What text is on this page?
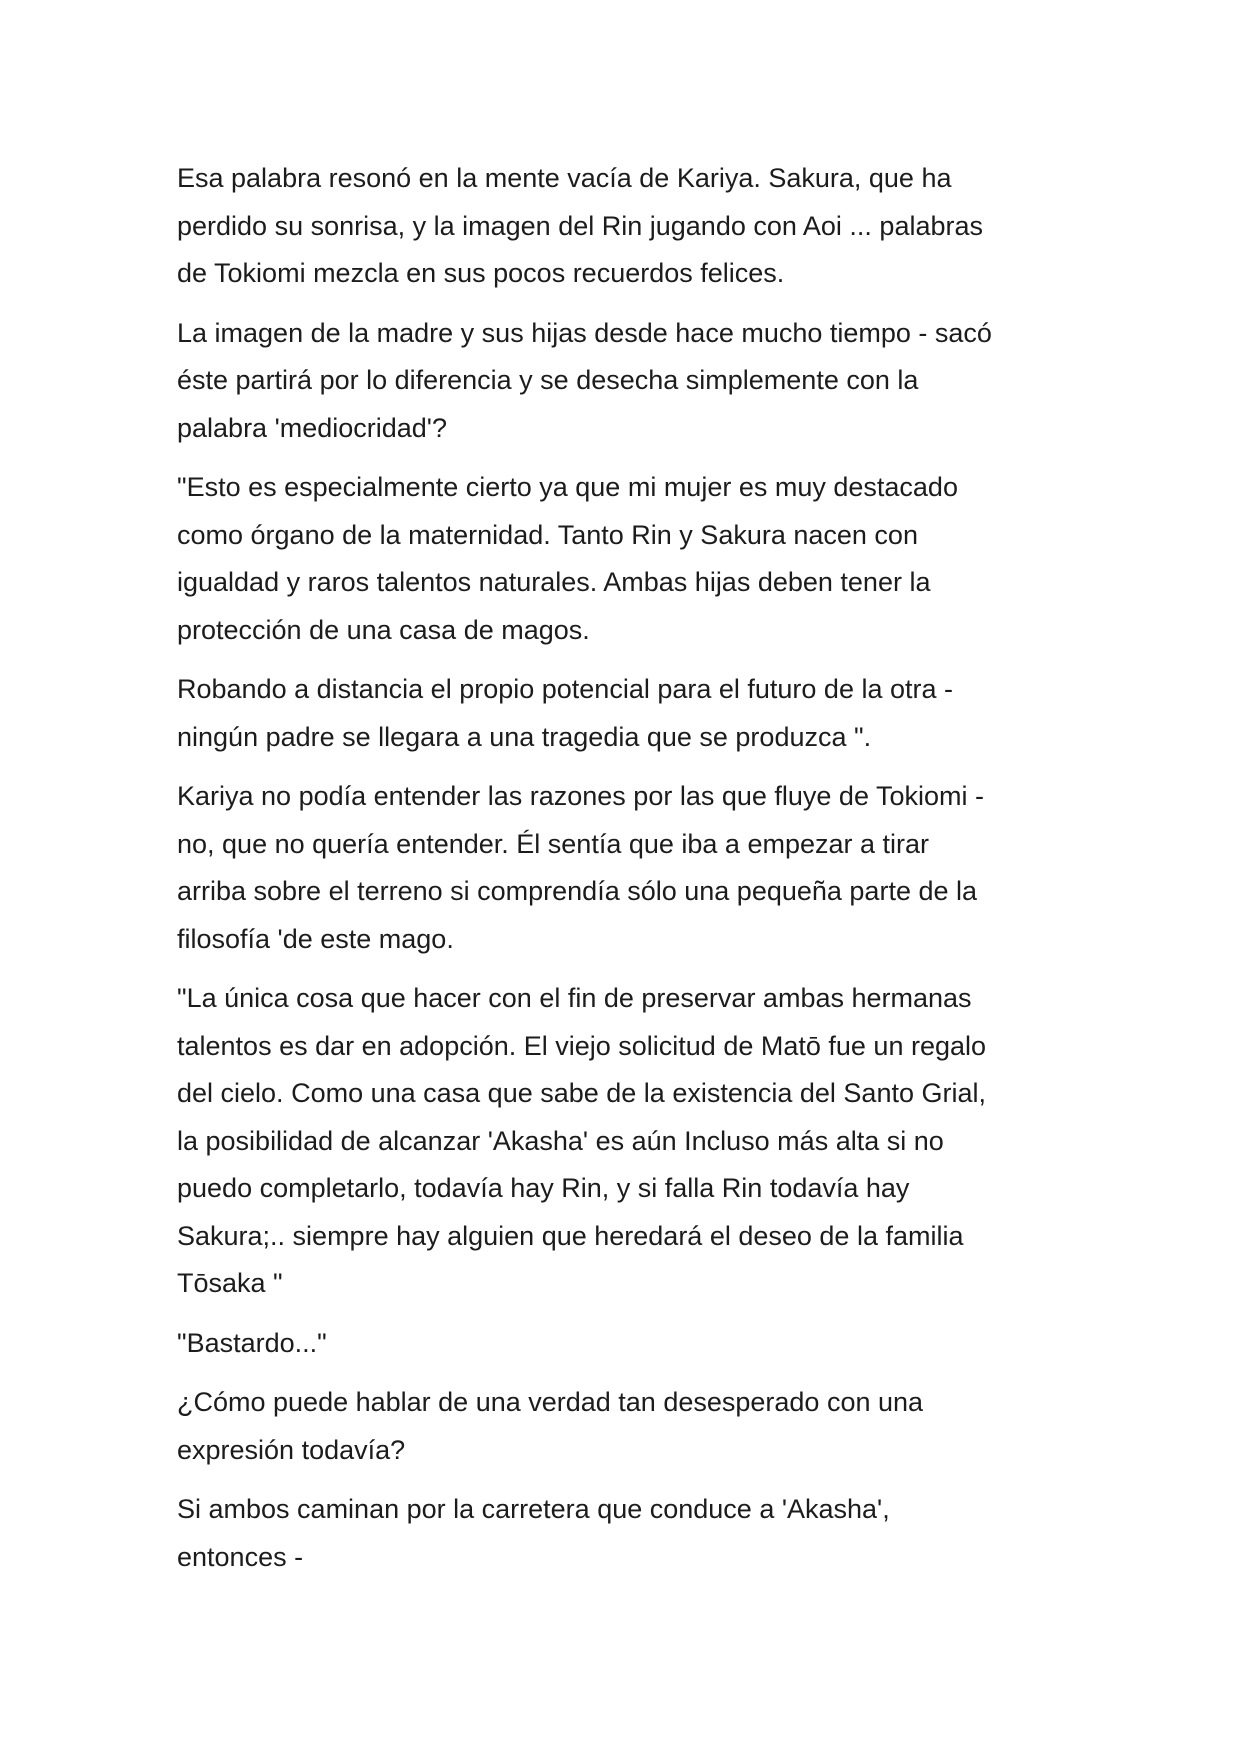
Esa palabra resonó en la mente vacía de Kariya. Sakura, que ha
perdido su sonrisa, y la imagen del Rin jugando con Aoi ... palabras
de Tokiomi mezcla en sus pocos recuerdos felices.

La imagen de la madre y sus hijas desde hace mucho tiempo - sacó
éste partirá por lo diferencia y se desecha simplemente con la
palabra 'mediocridad'?

"Esto es especialmente cierto ya que mi mujer es muy destacado
como órgano de la maternidad. Tanto Rin y Sakura nacen con
igualdad y raros talentos naturales. Ambas hijas deben tener la
protección de una casa de magos.

Robando a distancia el propio potencial para el futuro de la otra -
ningún padre se llegara a una tragedia que se produzca ".

Kariya no podía entender las razones por las que fluye de Tokiomi -
no, que no quería entender. Él sentía que iba a empezar a tirar
arriba sobre el terreno si comprendía sólo una pequeña parte de la
filosofía 'de este mago.

"La única cosa que hacer con el fin de preservar ambas hermanas
talentos es dar en adopción. El viejo solicitud de Matō fue un regalo
del cielo. Como una casa que sabe de la existencia del Santo Grial,
la posibilidad de alcanzar 'Akasha' es aún Incluso más alta si no
puedo completarlo, todavía hay Rin, y si falla Rin todavía hay
Sakura;.. siempre hay alguien que heredará el deseo de la familia
Tōsaka "

"Bastardo..."

¿Cómo puede hablar de una verdad tan desesperado con una
expresión todavía?

Si ambos caminan por la carretera que conduce a 'Akasha',
entonces -
